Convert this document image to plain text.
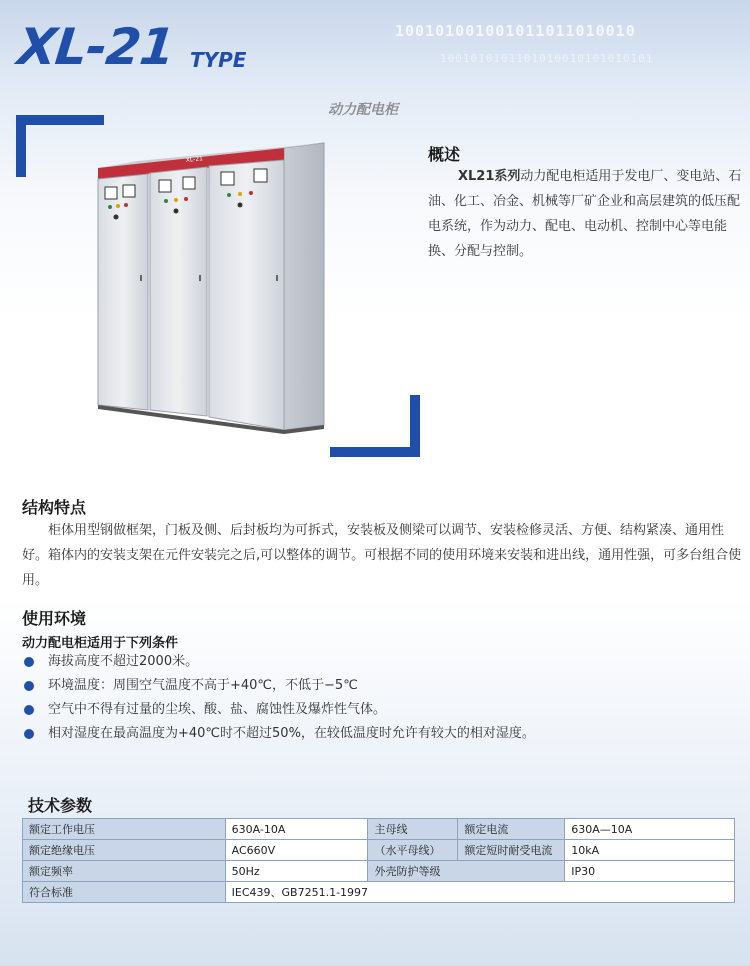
100101001001011011010010
1001010101101010010101010101
XL-21 TYPE
动力配电柜
XL-21	概述

XL21系列动力配电柜适用于发电厂、变电站、石油、化工、冶金、机械等厂矿企业和高层建筑的低压配电系统，作为动力、配电、电动机、控制中心等电能换、分配与控制。

结构特点

柜体用型钢做框架，门板及侧、后封板均为可拆式，安装板及侧梁可以调节、安装检修灵活、方便、结构紧凑、通用性好。箱体内的安装支架在元件安装完之后,可以整体的调节。可根据不同的使用环境来安装和进出线，通用性强，可多台组合使用。

使用环境
动力配电柜适用于下列条件
海拔高度不超过2000米。
环境温度：周围空气温度不高于+40℃，不低于−5℃
空气中不得有过量的尘埃、酸、盐、腐蚀性及爆炸性气体。
相对湿度在最高温度为+40℃时不超过50%，在较低温度时允许有较大的相对湿度。
技术参数
额定工作电压	630A-10A	主母线	额定电流	630A—10A
额定绝缘电压	AC660V	（水平母线）	额定短时耐受电流	10kA
额定频率	50Hz	外壳防护等级		IP30
符合标准	IEC439、GB7251.1-1997			
